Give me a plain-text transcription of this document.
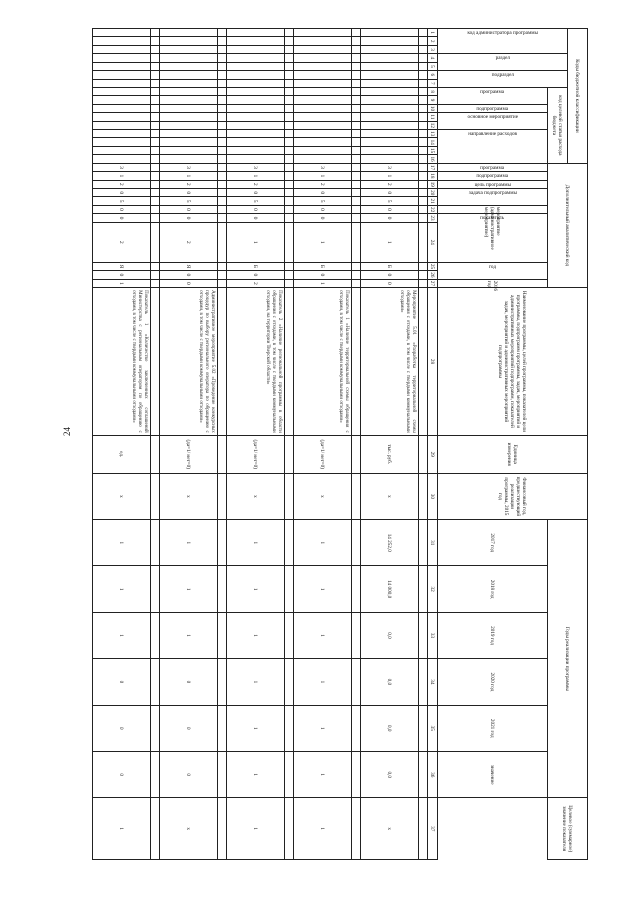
24
Коды бюджетной классификации																Дополнительный аналитический код											Наименование программы, целей программы, показателей цели программы, подпрограмм программы, задач, мероприятий и административных мероприятий подпрограмм, показателей задач, мероприятий и административных мероприятий подпрограммы	Единица измерения	Финансовый год, предшествующий реализации программы, 2015 год	Годы реализации программы						Целевое (суммарное) значение показателя

код администратора программы			раздел		подраздел		код целевой статьи расхода бюджета																													

							программа		подпрограмма	основное мероприятие		направление расходов				программа	подпрограмма	цель программы	задача подпрограммы		мероприятие (административное мероприятие)	показатель		год		2016 год				2017 год	2018 год	2019 год	2020 год	2021 год	значение	
1	2	3	4	5	6	7	8	9	10	11	12	13	14	15	16	17	18	19	20	21	22	23	24	25	26	27	28	29	30	31	32	33	34	35	36	37

																3	1	2	0	5	0	0	1	Б	0	0	Мероприятие 5.01 «Разработка территориальной схемы обращения с отходами, в том числе с твердыми коммунальными отходами»	тыс. руб.	х	14 252,0	14 000,0	0,0	0,0	0,0	0,0	х

																3	1	2	0	5	0	0	1	Б	0	1	Показатель 1 «Наличие территориальной схемы обращения с отходами, в том числе с твердыми коммунальными отходами»	(да=1/ нет=0)	х	1	1	1	1	1	1	1

																3	1	2	0	5	0	0	1	Б	0	2	Показатель 2 «Наличие региональной программы в области обращения с отходами, в том числе с твердыми коммунальными отходами, на территории Тверской области»	(да=1/ нет=0)	х	1	1	1	1	1	1	1

																3	1	2	0	5	0	0	2	Я	0	0	Административное мероприятие 5.02 «Проведение конкурсных процедур по выбору регионального оператора по обращению с отходами, в том числе с твердыми коммунальными отходами»	(да=1/ нет=0)	х	1	1	1	0	0	0	х

																3	1	2	0	5	0	0	2	Я	0	1	Показатель 1 «Количество заключенных соглашений Министерства с региональным оператором по обращению с отходами, в том числе с твердыми коммунальными отходами»	ед.	х	1	1	1	0	0	0	1
